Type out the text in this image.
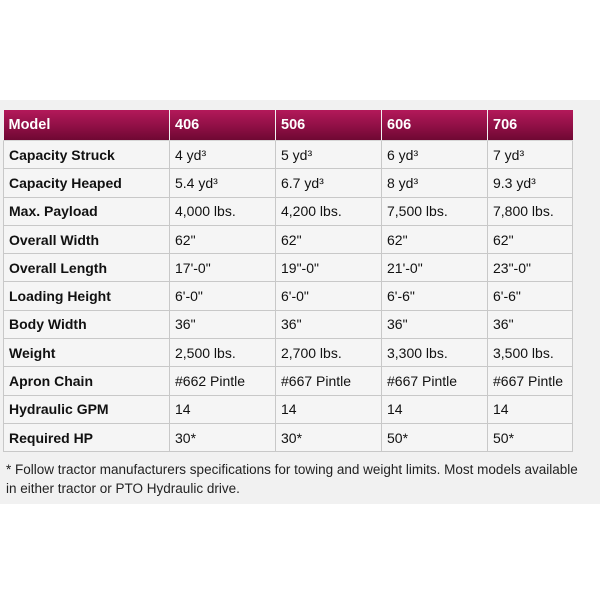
Model	406	506	606	706
Capacity Struck	4 yd³	5 yd³	6 yd³	7 yd³
Capacity Heaped	5.4 yd³	6.7 yd³	8 yd³	9.3 yd³
Max. Payload	4,000 lbs.	4,200 lbs.	7,500 lbs.	7,800 lbs.
Overall Width	62"	62"	62"	62"
Overall Length	17'-0"	19"-0"	21'-0"	23"-0"
Loading Height	6'-0"	6'-0"	6'-6"	6'-6"
Body Width	36"	36"	36"	36"
Weight	2,500 lbs.	2,700 lbs.	3,300 lbs.	3,500 lbs.
Apron Chain	#662 Pintle	#667 Pintle	#667 Pintle	#667 Pintle
Hydraulic GPM	14	14	14	14
Required HP	30*	30*	50*	50*
* Follow tractor manufacturers specifications for towing and weight limits. Most models available in either tractor or PTO Hydraulic drive.
